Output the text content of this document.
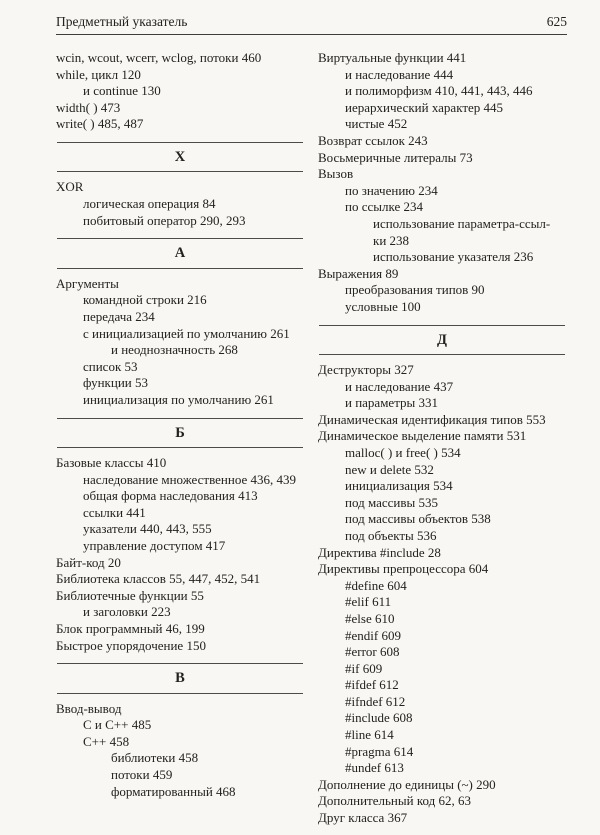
Предметный указатель	625
wcin, wcout, wcerr, wclog, потоки 460
while, цикл 120
и continue 130
width( ) 473
write( ) 485, 487
X
XOR
логическая операция 84
побитовый оператор 290, 293
А
Аргументы
командной строки 216
передача 234
с инициализацией по умолчанию 261
и неоднозначность 268
список 53
функции 53
инициализация по умолчанию 261
Б
Базовые классы 410
наследование множественное 436, 439
общая форма наследования 413
ссылки 441
указатели 440, 443, 555
управление доступом 417
Байт-код 20
Библиотека классов 55, 447, 452, 541
Библиотечные функции 55
и заголовки 223
Блок программный 46, 199
Быстрое упорядочение 150
В
Ввод-вывод
C и C++ 485
C++ 458
библиотеки 458
потоки 459
форматированный 468
Виртуальные функции 441
и наследование 444
и полиморфизм 410, 441, 443, 446
иерархический характер 445
чистые 452
Возврат ссылок 243
Восьмеричные литералы 73
Вызов
по значению 234
по ссылке 234
использование параметра-ссыл-
ки 238
использование указателя 236
Выражения 89
преобразования типов 90
условные 100
Д
Деструкторы 327
и наследование 437
и параметры 331
Динамическая идентификация типов 553
Динамическое выделение памяти 531
malloc( ) и free( ) 534
new и delete 532
инициализация 534
под массивы 535
под массивы объектов 538
под объекты 536
Директива #include 28
Директивы препроцессора 604
#define 604
#elif 611
#else 610
#endif 609
#error 608
#if 609
#ifdef 612
#ifndef 612
#include 608
#line 614
#pragma 614
#undef 613
Дополнение до единицы (~) 290
Дополнительный код 62, 63
Друг класса 367
